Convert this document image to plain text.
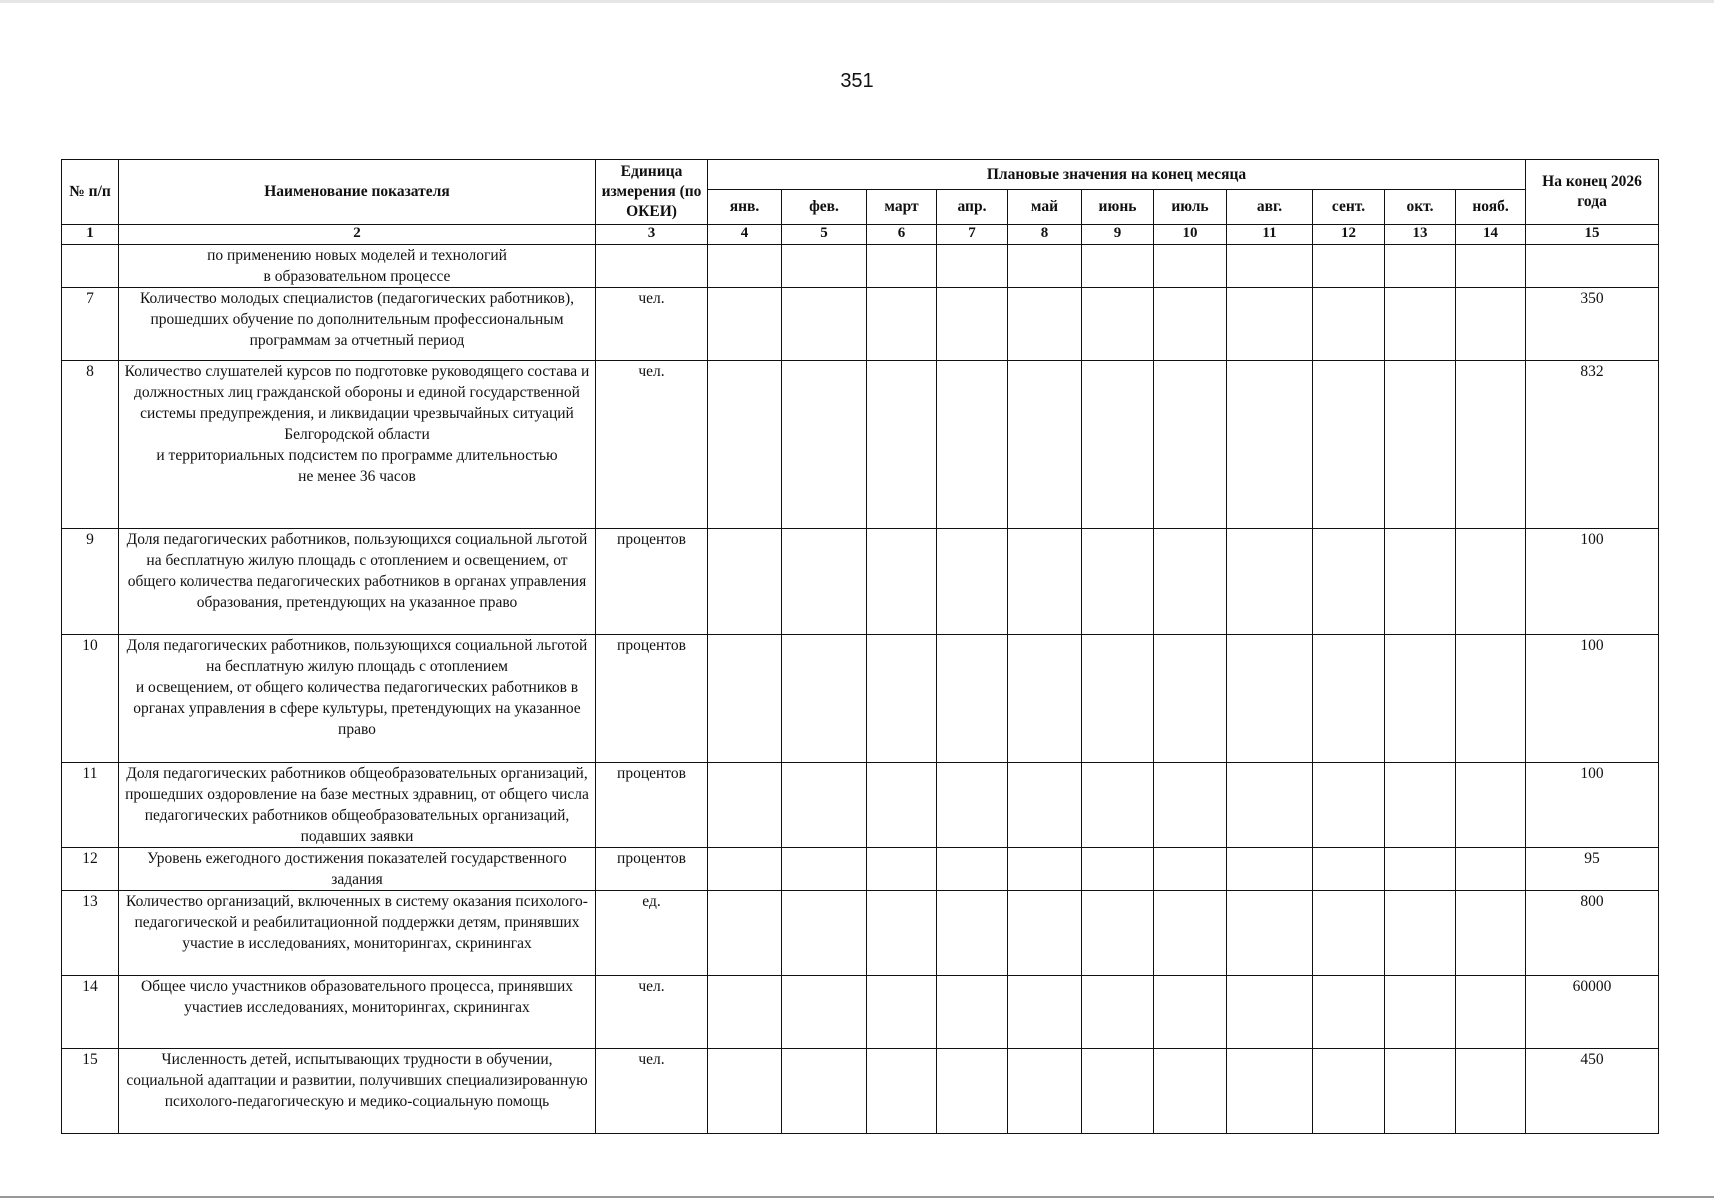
351
№ п/п	Наименование показателя	Единица измерения (по ОКЕИ)	Плановые значения на конец месяца											На конец 2026 года
			янв.	фев.	март	апр.	май	июнь	июль	авг.	сент.	окт.	нояб.	
1	2	3	4	5	6	7	8	9	10	11	12	13	14	15
	по применению новых моделей и технологий
в образовательном процессе													
7	Количество молодых специалистов (педагогических работников), прошедших обучение по дополнительным профессиональным программам за отчетный период	чел.												350
8	Количество слушателей курсов по подготовке руководящего состава и должностных лиц гражданской обороны и единой государственной системы предупреждения, и ликвидации чрезвычайных ситуаций Белгородской области
и территориальных подсистем по программе длительностью
не менее 36 часов	чел.												832
9	Доля педагогических работников, пользующихся социальной льготой на бесплатную жилую площадь с отоплением и освещением, от общего количества педагогических работников в органах управления образования, претендующих на указанное право	процентов												100
10	Доля педагогических работников, пользующихся социальной льготой на бесплатную жилую площадь с отоплением
и освещением, от общего количества педагогических работников в органах управления в сфере культуры, претендующих на указанное право	процентов												100
11	Доля педагогических работников общеобразовательных организаций, прошедших оздоровление на базе местных здравниц, от общего числа педагогических работников общеобразовательных организаций, подавших заявки	процентов												100
12	Уровень ежегодного достижения показателей государственного задания	процентов												95
13	Количество организаций, включенных в систему оказания психолого-педагогической и реабилитационной поддержки детям, принявших участие в исследованиях, мониторингах, скринингах	ед.												800
14	Общее число участников образовательного процесса, принявших участиев исследованиях, мониторингах, скринингах	чел.												60000
15	Численность детей, испытывающих трудности в обучении, социальной адаптации и развитии, получивших специализированную психолого-педагогическую и медико-социальную помощь	чел.												450
